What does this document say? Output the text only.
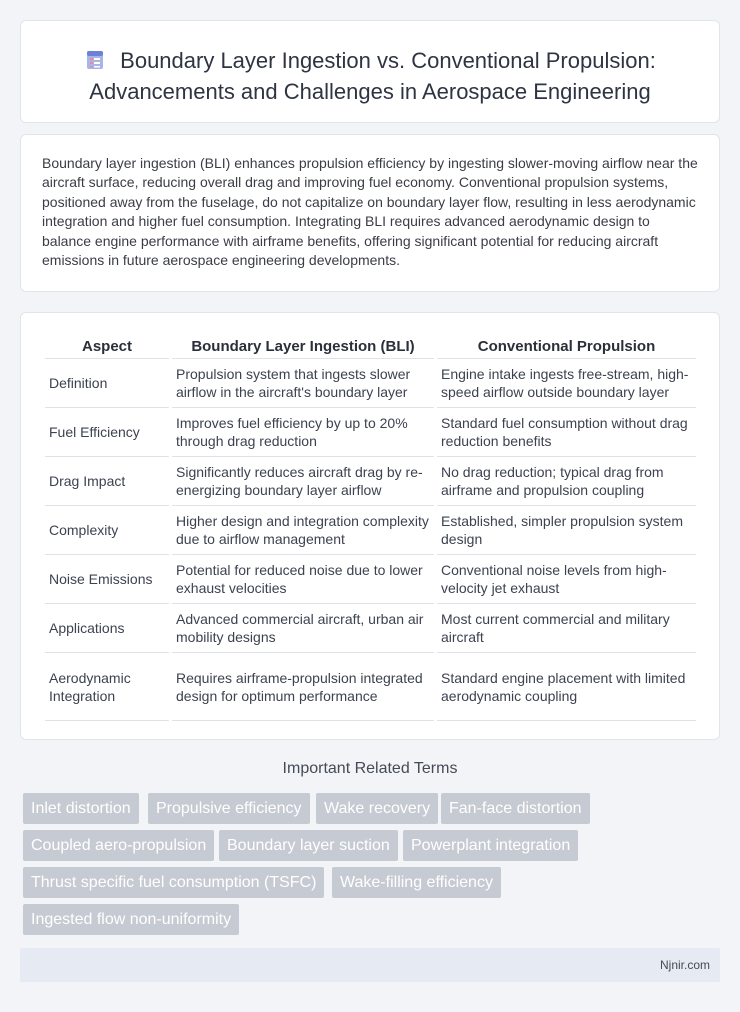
Boundary Layer Ingestion vs. Conventional Propulsion: Advancements and Challenges in Aerospace Engineering

Boundary layer ingestion (BLI) enhances propulsion efficiency by ingesting slower-moving airflow near the aircraft surface, reducing overall drag and improving fuel economy. Conventional propulsion systems, positioned away from the fuselage, do not capitalize on boundary layer flow, resulting in less aerodynamic integration and higher fuel consumption. Integrating BLI requires advanced aerodynamic design to balance engine performance with airframe benefits, offering significant potential for reducing aircraft emissions in future aerospace engineering developments.

Aspect	Boundary Layer Ingestion (BLI)	Conventional Propulsion
Definition	Propulsion system that ingests slower airflow in the aircraft's boundary layer	Engine intake ingests free-stream, high-speed airflow outside boundary layer
Fuel Efficiency	Improves fuel efficiency by up to 20% through drag reduction	Standard fuel consumption without drag reduction benefits
Drag Impact	Significantly reduces aircraft drag by re-energizing boundary layer airflow	No drag reduction; typical drag from airframe and propulsion coupling
Complexity	Higher design and integration complexity due to airflow management	Established, simpler propulsion system design
Noise Emissions	Potential for reduced noise due to lower exhaust velocities	Conventional noise levels from high-velocity jet exhaust
Applications	Advanced commercial aircraft, urban air mobility designs	Most current commercial and military aircraft
Aerodynamic Integration	Requires airframe-propulsion integrated design for optimum performance	Standard engine placement with limited aerodynamic coupling
Important Related Terms
Inlet distortion	Propulsive efficiency	Wake recovery	Fan-face distortion
Coupled aero-propulsion	Boundary layer suction	Powerplant integration
Thrust specific fuel consumption (TSFC)	Wake-filling efficiency
Ingested flow non-uniformity
Njnir.com
